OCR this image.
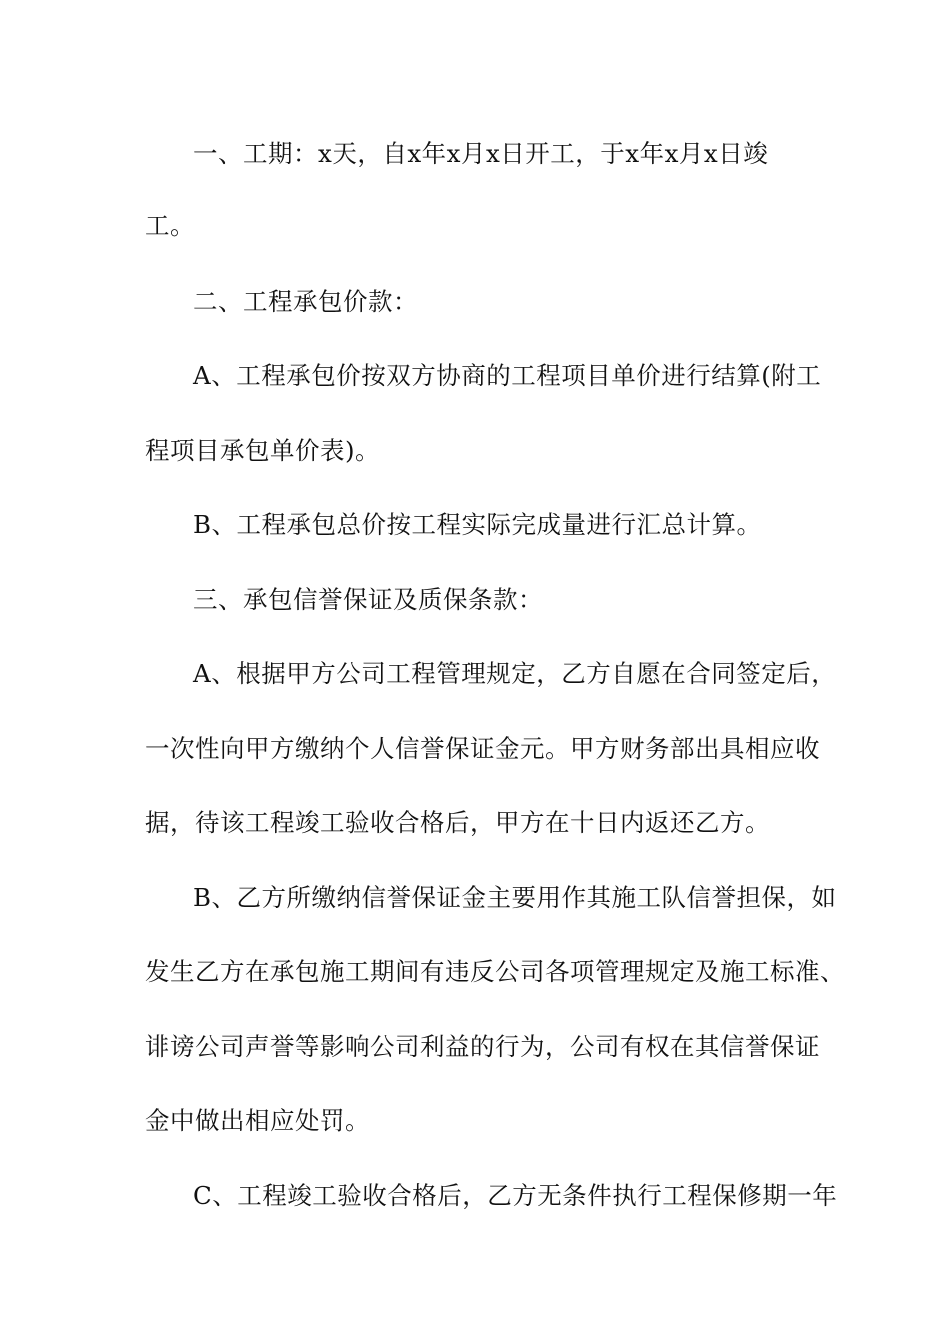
一、工期：x天，自x年x月x日开工，于x年x月x日竣
工。
二、工程承包价款：
A、工程承包价按双方协商的工程项目单价进行结算(附工
程项目承包单价表)。
B、工程承包总价按工程实际完成量进行汇总计算。
三、承包信誉保证及质保条款：
A、根据甲方公司工程管理规定，乙方自愿在合同签定后，
一次性向甲方缴纳个人信誉保证金元。甲方财务部出具相应收
据，待该工程竣工验收合格后，甲方在十日内返还乙方。
B、乙方所缴纳信誉保证金主要用作其施工队信誉担保，如
发生乙方在承包施工期间有违反公司各项管理规定及施工标准、
诽谤公司声誉等影响公司利益的行为，公司有权在其信誉保证
金中做出相应处罚。
C、工程竣工验收合格后，乙方无条件执行工程保修期一年
